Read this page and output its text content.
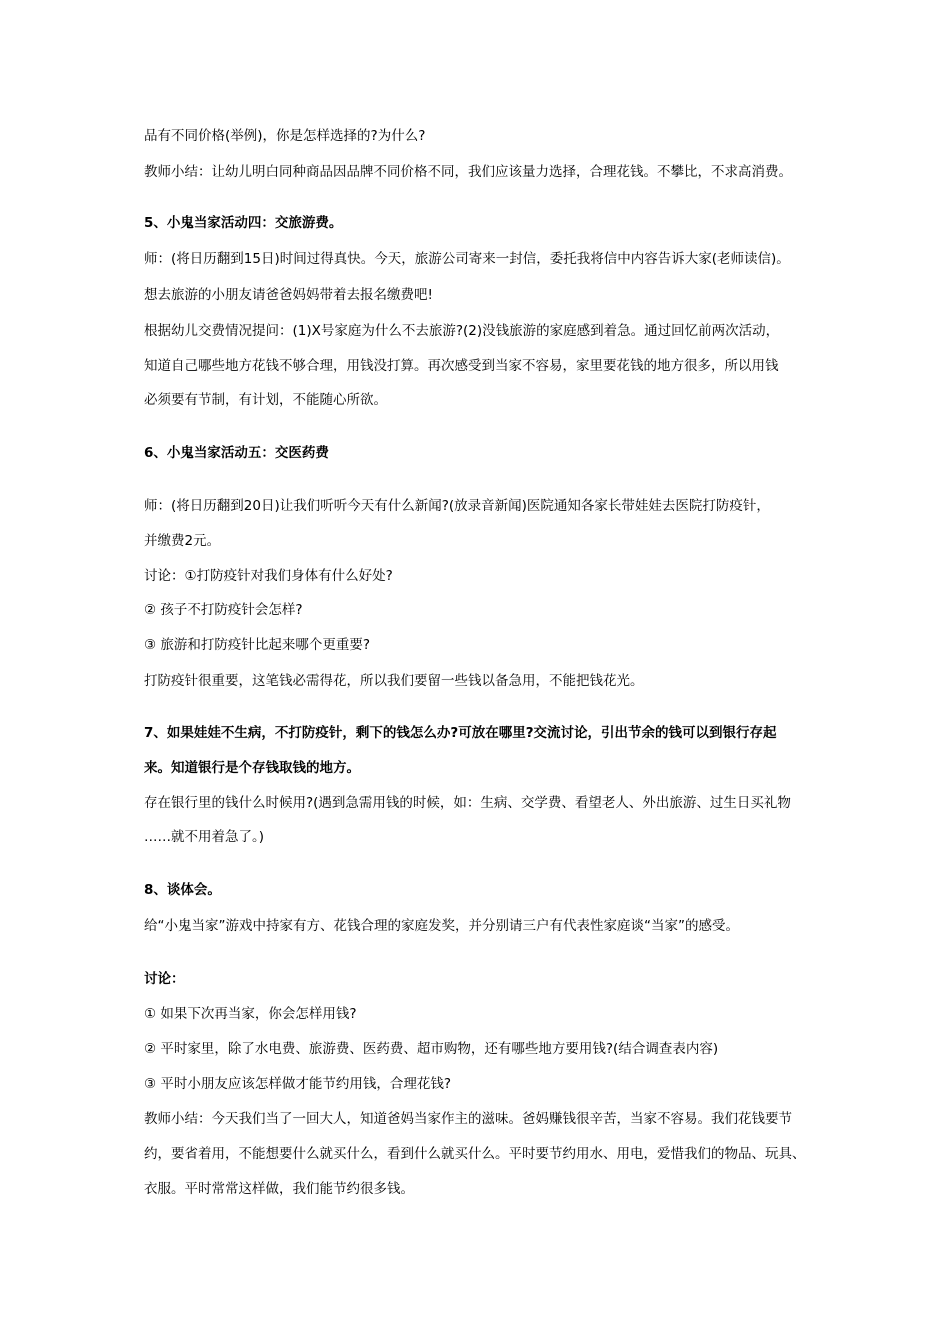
品有不同价格(举例)，你是怎样选择的?为什么?
教师小结：让幼儿明白同种商品因品牌不同价格不同，我们应该量力选择，合理花钱。不攀比，不求高消费。
5、小鬼当家活动四：交旅游费。
师：(将日历翻到15日)时间过得真快。今天，旅游公司寄来一封信，委托我将信中内容告诉大家(老师读信)。
想去旅游的小朋友请爸爸妈妈带着去报名缴费吧!
根据幼儿交费情况提问：(1)X号家庭为什么不去旅游?(2)没钱旅游的家庭感到着急。通过回忆前两次活动，
知道自己哪些地方花钱不够合理，用钱没打算。再次感受到当家不容易，家里要花钱的地方很多，所以用钱
必须要有节制，有计划，不能随心所欲。
6、小鬼当家活动五：交医药费
师：(将日历翻到20日)让我们听听今天有什么新闻?(放录音新闻)医院通知各家长带娃娃去医院打防疫针，
并缴费2元。
讨论：①打防疫针对我们身体有什么好处?
② 孩子不打防疫针会怎样?
③ 旅游和打防疫针比起来哪个更重要?
打防疫针很重要，这笔钱必需得花，所以我们要留一些钱以备急用，不能把钱花光。
7、如果娃娃不生病，不打防疫针，剩下的钱怎么办?可放在哪里?交流讨论，引出节余的钱可以到银行存起
来。知道银行是个存钱取钱的地方。
存在银行里的钱什么时候用?(遇到急需用钱的时候，如：生病、交学费、看望老人、外出旅游、过生日买礼物
……就不用着急了。)
8、谈体会。
给“小鬼当家”游戏中持家有方、花钱合理的家庭发奖，并分别请三户有代表性家庭谈“当家”的感受。
讨论：
① 如果下次再当家，你会怎样用钱?
② 平时家里，除了水电费、旅游费、医药费、超市购物，还有哪些地方要用钱?(结合调查表内容)
③ 平时小朋友应该怎样做才能节约用钱，合理花钱?
教师小结：今天我们当了一回大人，知道爸妈当家作主的滋味。爸妈赚钱很辛苦，当家不容易。我们花钱要节
约，要省着用，不能想要什么就买什么，看到什么就买什么。平时要节约用水、用电，爱惜我们的物品、玩具、
衣服。平时常常这样做，我们能节约很多钱。
